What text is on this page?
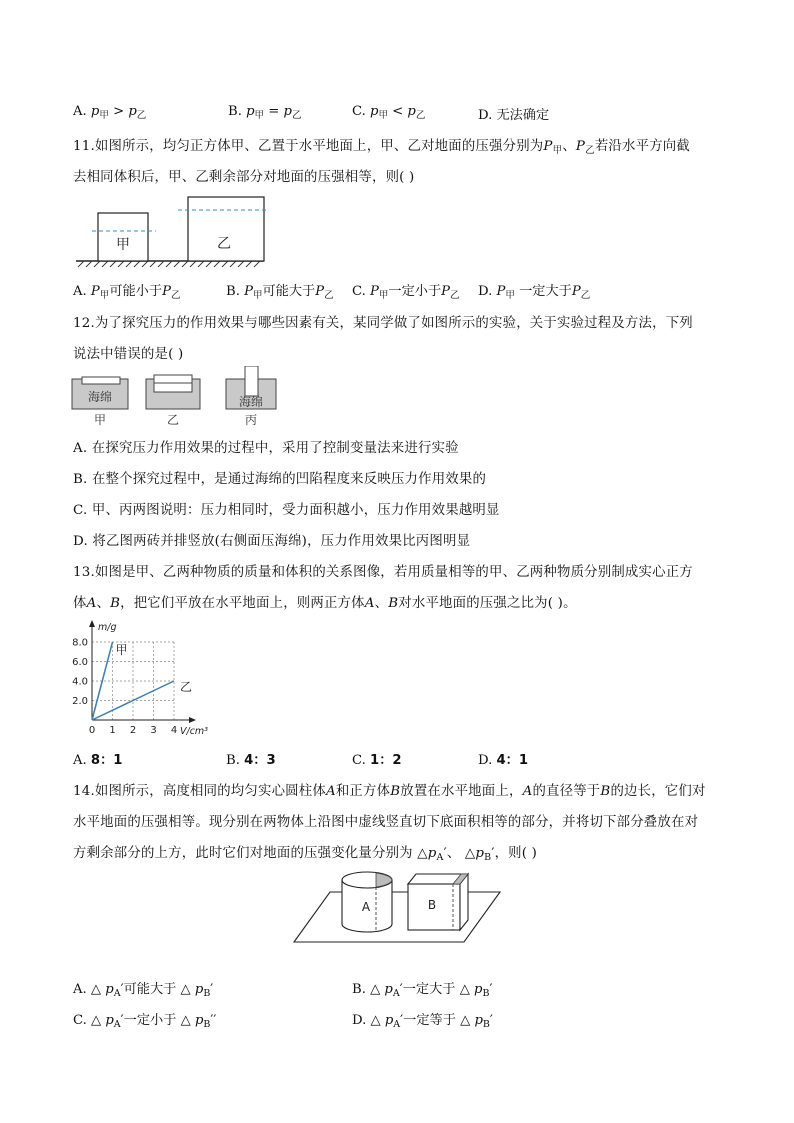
A. $p_甲 > p_乙$	B. $p_甲 = p_乙$	C. $p_甲 < p_乙$	D. 无法确定
11.如图所示，均匀正方体甲、乙置于水平地面上，甲、乙对地面的压强分别为$P_甲$、$P_乙$若沿水平方向截
去相同体积后，甲、乙剩余部分对地面的压强相等，则( )
甲	乙
A. $P_甲$可能小于$P_乙$	B. $P_甲$可能大于$P_乙$ C. $P_甲$一定小于$P_乙$ D. $P_甲$ 一定大于$P_乙$
12.为了探究压力的作用效果与哪些因素有关，某同学做了如图所示的实验，关于实验过程及方法，下列
说法中错误的是( )
海绵
甲	乙
海绵
丙
A. 在探究压力作用效果的过程中，采用了控制变量法来进行实验
B. 在整个探究过程中，是通过海绵的凹陷程度来反映压力作用效果的
C. 甲、丙两图说明：压力相同时，受力面积越小，压力作用效果越明显
D. 将乙图两砖并排竖放(右侧面压海绵)，压力作用效果比丙图明显
13.如图是甲、乙两种物质的质量和体积的关系图像，若用质量相等的甲、乙两种物质分别制成实心正方
体A、B，把它们平放在水平地面上，则两正方体A、B对水平地面的压强之比为( )。
0 1 2 3 4
2.0
4.0
6.0
8.0
m/g
V/cm³
甲
乙
A. 8：1	B. 4：3	C. 1：2	D. 4：1
14.如图所示，高度相同的均匀实心圆柱体A和正方体B放置在水平地面上，A的直径等于B的边长，它们对
水平地面的压强相等。现分别在两物体上沿图中虚线竖直切下底面积相等的部分，并将切下部分叠放在对
方剩余部分的上方，此时它们对地面的压强变化量分别为 $\triangle p_A'$、 $\triangle p_B'$，则( )
A	B
A. △ $p_A'$可能大于 △ $p_B'$	B. △ $p_A'$一定大于 △ $p_B'$
C. △ $p_A'$一定小于 △ $p_B''$	D. △ $p_A'$一定等于 △ $p_B'$
